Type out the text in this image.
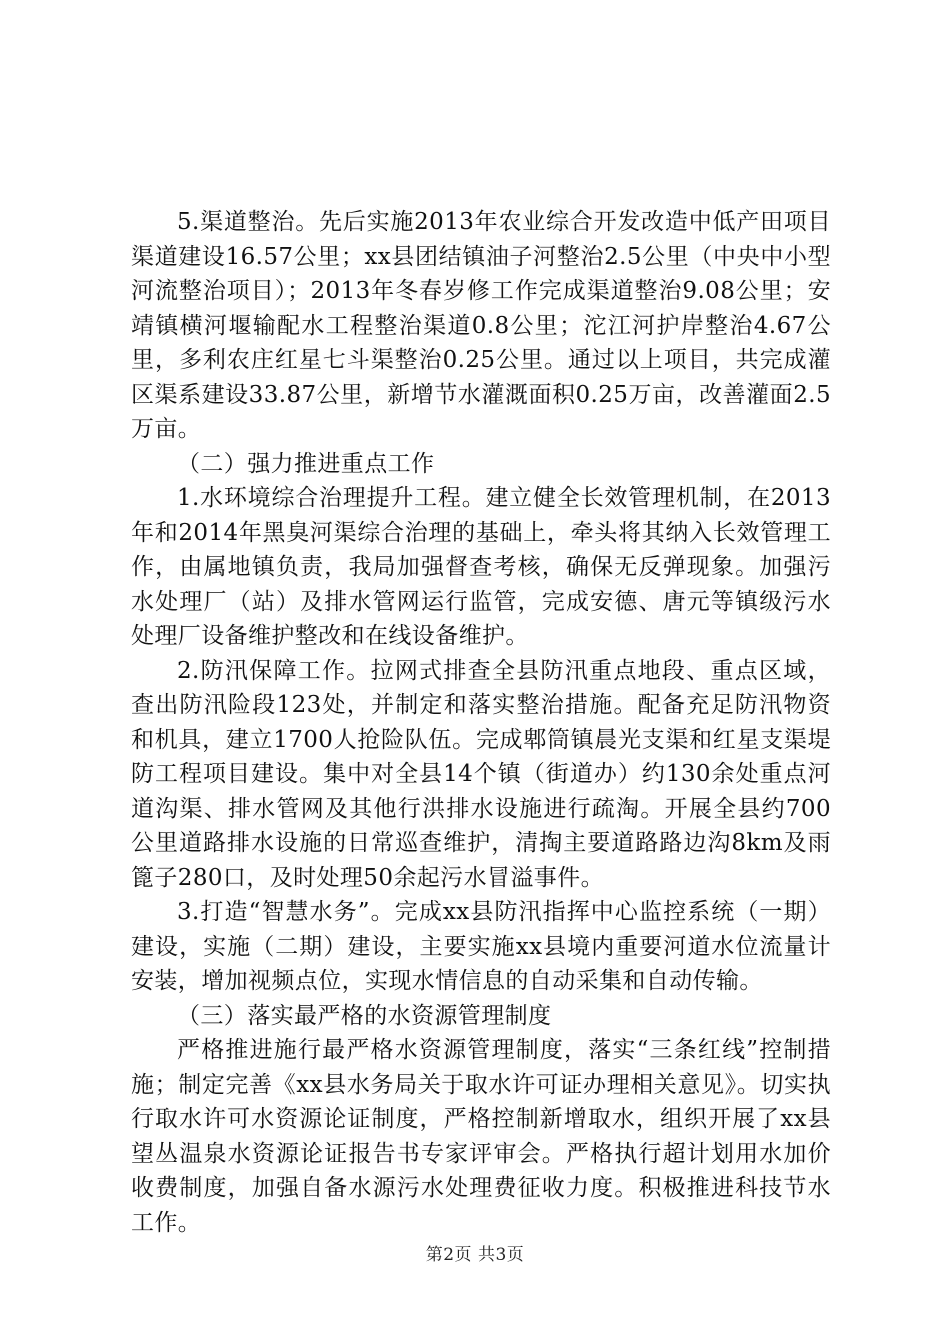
5.渠道整治。先后实施2013年农业综合开发改造中低产田项目渠道建设16.57公里；xx县团结镇油子河整治2.5公里（中央中小型河流整治项目）；2013年冬春岁修工作完成渠道整治9.08公里；安靖镇横河堰输配水工程整治渠道0.8公里；沱江河护岸整治4.67公里，多利农庄红星七斗渠整治0.25公里。通过以上项目，共完成灌区渠系建设33.87公里，新增节水灌溉面积0.25万亩，改善灌面2.5万亩。

（二）强力推进重点工作

1.水环境综合治理提升工程。建立健全长效管理机制，在2013年和2014年黑臭河渠综合治理的基础上，牵头将其纳入长效管理工作，由属地镇负责，我局加强督查考核，确保无反弹现象。加强污水处理厂（站）及排水管网运行监管，完成安德、唐元等镇级污水处理厂设备维护整改和在线设备维护。

2.防汛保障工作。拉网式排查全县防汛重点地段、重点区域，查出防汛险段123处，并制定和落实整治措施。配备充足防汛物资和机具，建立1700人抢险队伍。完成郫筒镇晨光支渠和红星支渠堤防工程项目建设。集中对全县14个镇（街道办）约130余处重点河道沟渠、排水管网及其他行洪排水设施进行疏淘。开展全县约700公里道路排水设施的日常巡查维护，清掏主要道路路边沟8km及雨篦子280口，及时处理50余起污水冒溢事件。

3.打造“智慧水务”。完成xx县防汛指挥中心监控系统（一期）建设，实施（二期）建设，主要实施xx县境内重要河道水位流量计安装，增加视频点位，实现水情信息的自动采集和自动传输。

（三）落实最严格的水资源管理制度

严格推进施行最严格水资源管理制度，落实“三条红线”控制措施；制定完善《xx县水务局关于取水许可证办理相关意见》。切实执行取水许可水资源论证制度，严格控制新增取水，组织开展了xx县望丛温泉水资源论证报告书专家评审会。严格执行超计划用水加价收费制度，加强自备水源污水处理费征收力度。积极推进科技节水工作。

第2页 共3页
